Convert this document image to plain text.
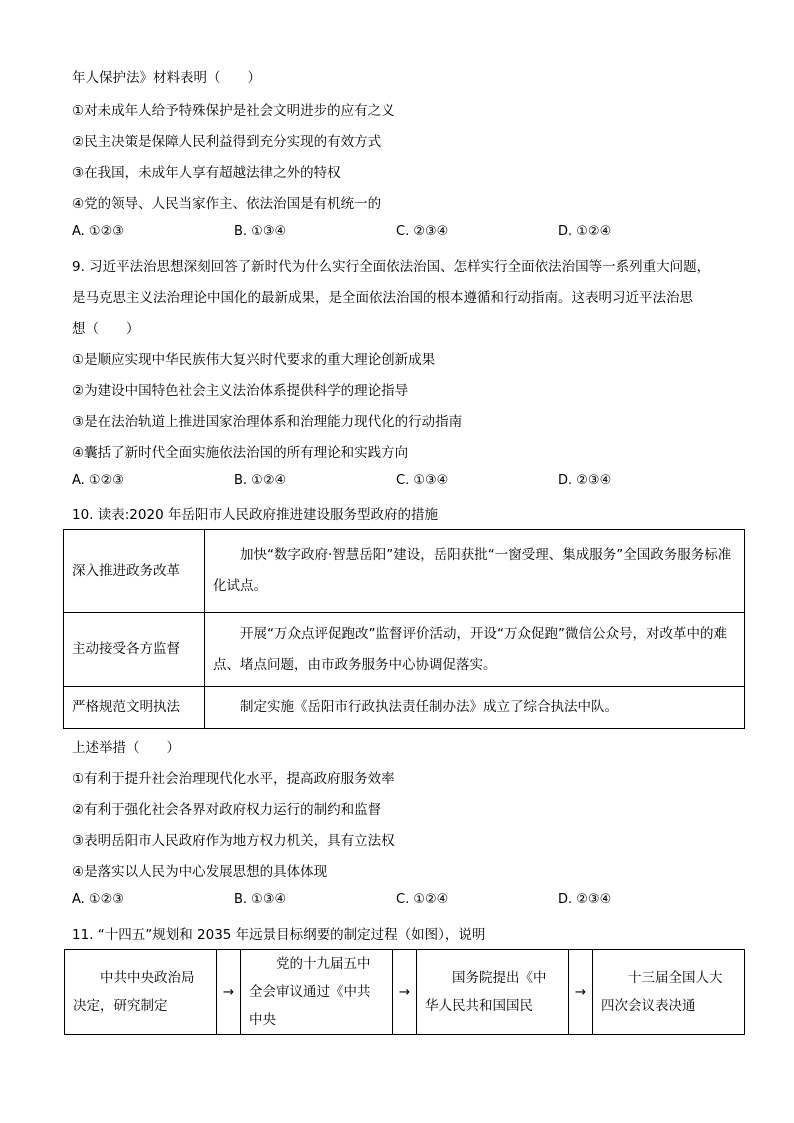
年人保护法》材料表明（　　）
①对未成年人给予特殊保护是社会文明进步的应有之义
②民主决策是保障人民利益得到充分实现的有效方式
③在我国，未成年人享有超越法律之外的特权
④党的领导、人民当家作主、依法治国是有机统一的
A. ①②③	B. ①③④	C. ②③④	D. ①②④
9. 习近平法治思想深刻回答了新时代为什么实行全面依法治国、怎样实行全面依法治国等一系列重大问题，
是马克思主义法治理论中国化的最新成果，是全面依法治国的根本遵循和行动指南。这表明习近平法治思
想（　　）
①是顺应实现中华民族伟大复兴时代要求的重大理论创新成果
②为建设中国特色社会主义法治体系提供科学的理论指导
③是在法治轨道上推进国家治理体系和治理能力现代化的行动指南
④囊括了新时代全面实施依法治国的所有理论和实践方向
A. ①②③	B. ①②④	C. ①③④	D. ②③④
10. 读表:2020 年岳阳市人民政府推进建设服务型政府的措施
深入推进政务改革	加快“数字政府·智慧岳阳”建设，岳阳获批“一窗受理、集成服务”全国政务服务标准化试点。
主动接受各方监督	开展“万众点评促跑改”监督评价活动，开设“万众促跑”微信公众号，对改革中的难点、堵点问题，由市政务服务中心协调促落实。
严格规范文明执法	制定实施《岳阳市行政执法责任制办法》成立了综合执法中队。
上述举措（　　）
①有利于提升社会治理现代化水平，提高政府服务效率
②有利于强化社会各界对政府权力运行的制约和监督
③表明岳阳市人民政府作为地方权力机关，具有立法权
④是落实以人民为中心发展思想的具体体现
A. ①②③	B. ①③④	C. ①②④	D. ②③④
11. “十四五”规划和 2035 年远景目标纲要的制定过程（如图），说明
中共中央政治局决定，研究制定	→	党的十九届五中全会审议通过《中共中央	→	国务院提出《中华人民共和国国民	→	十三届全国人大四次会议表决通
